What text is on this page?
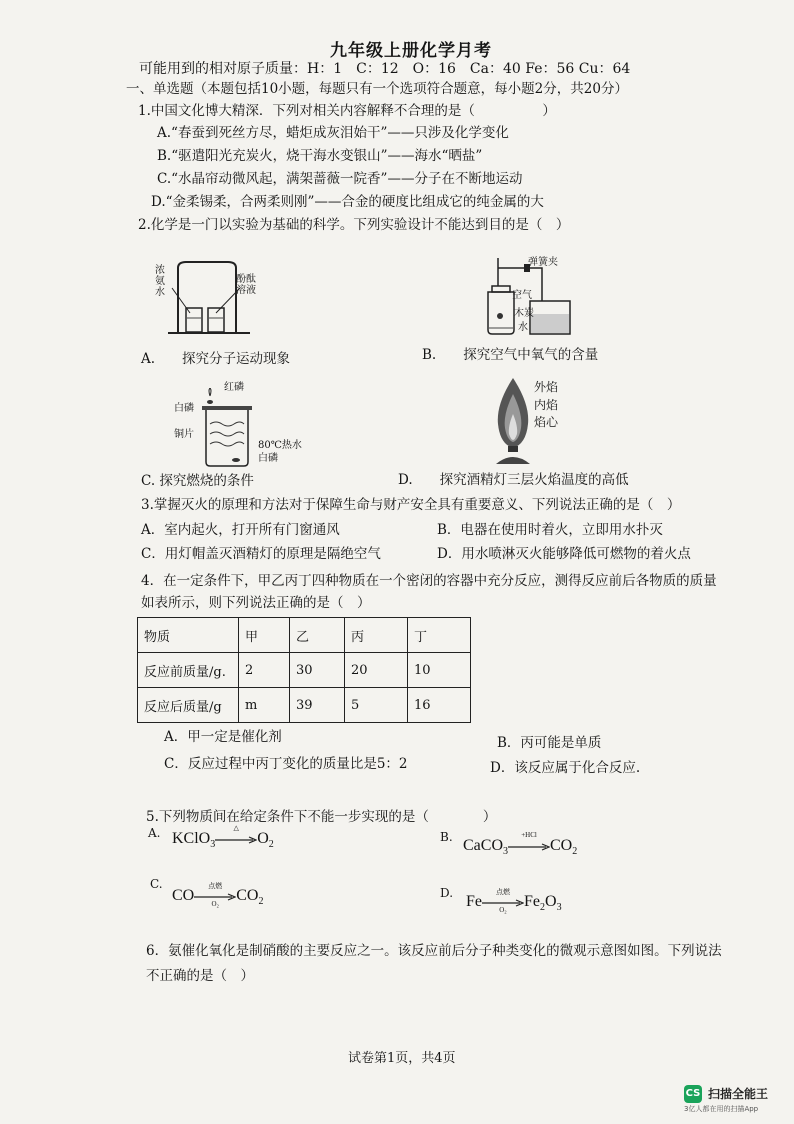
九年级上册化学月考
可能用到的相对原子质量：H：1　C：12　O：16　Ca：40 Fe：56 Cu：64
一、单选题（本题包括10小题，每题只有一个选项符合题意，每小题2分，共20分）
1.中国文化博大精深．下列对相关内容解释不合理的是（　　　　　）
A.“春蚕到死丝方尽，蜡炬成灰泪始干”——只涉及化学变化
B.“驱遣阳光充炭火，烧干海水变银山”——海水“晒盐”
C.“水晶帘动微风起，满架蔷薇一院香”——分子在不断地运动
D.“金柔锡柔，合两柔则刚”——合金的硬度比组成它的纯金属的大
2.化学是一门以实验为基础的科学。下列实验设计不能达到目的是（　）
浓
氨
水
酚酞
溶液
弹簧夹
空气
木炭
水
A.　　探究分子运动现象	B.　　探究空气中氧气的含量
红磷
白磷
铜片
80℃热水
白磷
外焰
内焰
焰心
C. 探究燃烧的条件	D.　　探究酒精灯三层火焰温度的高低
3.掌握灭火的原理和方法对于保障生命与财产安全具有重要意义、下列说法正确的是（　）
A．室内起火，打开所有门窗通风	B．电器在使用时着火，立即用水扑灭
C．用灯帽盖灭酒精灯的原理是隔绝空气	D．用水喷淋灭火能够降低可燃物的着火点
4．在一定条件下，甲乙丙丁四种物质在一个密闭的容器中充分反应，测得反应前后各物质的质量
如表所示，则下列说法正确的是（　）
物质	甲	乙	丙	丁
反应前质量/g.	2	30	20	10
反应后质量/g	m	39	5	16
A．甲一定是催化剂	B．丙可能是单质
C．反应过程中丙丁变化的质量比是5：2	D．该反应属于化合反应.
5.下列物质间在给定条件下不能一步实现的是（　　　　）
A. KClO$_3$
△
$O_2$
B. CaCO$_3$
+HCl
$CO_2$
C.
CO
点燃
O₂
$CO_2$
D. Fe
点燃
O₂
$Fe_2O_3$
6．氨催化氧化是制硝酸的主要反应之一。该反应前后分子种类变化的微观示意图如图。下列说法
不正确的是（　）
试卷第1页，共4页
CS 扫描全能王
3亿人都在用的扫描App
